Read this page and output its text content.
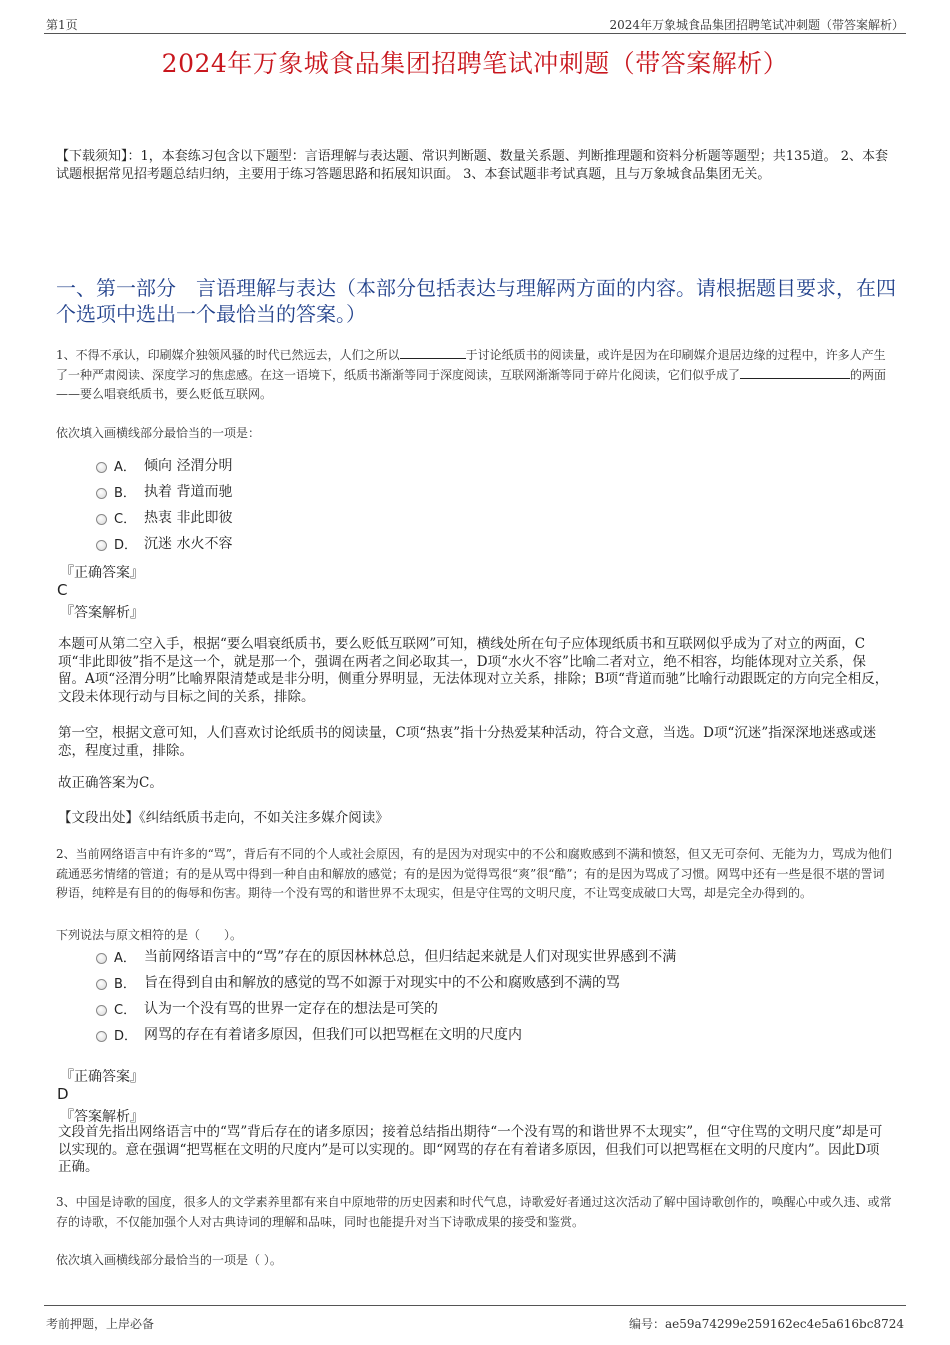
第1页	2024年万象城食品集团招聘笔试冲刺题（带答案解析）
2024年万象城食品集团招聘笔试冲刺题（带答案解析）
【下载须知】：1，本套练习包含以下题型：言语理解与表达题、常识判断题、数量关系题、判断推理题和资料分析题等题型；共135道。 2、本套试题根据常见招考题总结归纳，主要用于练习答题思路和拓展知识面。 3、本套试题非考试真题，且与万象城食品集团无关。
一、第一部分　言语理解与表达（本部分包括表达与理解两方面的内容。请根据题目要求，在四个选项中选出一个最恰当的答案。）
1、不得不承认，印刷媒介独领风骚的时代已然远去，人们之所以	于讨论纸质书的阅读量，或许是因为在印刷媒介退居边缘的过程中，许多人产生了一种严肃阅读、深度学习的焦虑感。在这一语境下，纸质书渐渐等同于深度阅读，互联网渐渐等同于碎片化阅读，它们似乎成了	的两面——要么唱衰纸质书，要么贬低互联网。
依次填入画横线部分最恰当的一项是：
A． 倾向 泾渭分明
B． 执着 背道而驰
C． 热衷 非此即彼
D． 沉迷 水火不容
『正确答案』
C
『答案解析』
本题可从第二空入手，根据“要么唱衰纸质书，要么贬低互联网”可知，横线处所在句子应体现纸质书和互联网似乎成为了对立的两面，C项“非此即彼”指不是这一个，就是那一个，强调在两者之间必取其一，D项“水火不容”比喻二者对立，绝不相容，均能体现对立关系，保留。A项“泾渭分明”比喻界限清楚或是非分明，侧重分界明显，无法体现对立关系，排除；B项“背道而驰”比喻行动跟既定的方向完全相反，文段未体现行动与目标之间的关系，排除。
第一空，根据文意可知，人们喜欢讨论纸质书的阅读量，C项“热衷”指十分热爱某种活动，符合文意，当选。D项“沉迷”指深深地迷惑或迷恋，程度过重，排除。
故正确答案为C。
【文段出处】《纠结纸质书走向，不如关注多媒介阅读》
2、当前网络语言中有许多的“骂”，背后有不同的个人或社会原因，有的是因为对现实中的不公和腐败感到不满和愤怒，但又无可奈何、无能为力，骂成为他们疏通恶劣情绪的管道；有的是从骂中得到一种自由和解放的感觉；有的是因为觉得骂很“爽”很“酷”；有的是因为骂成了习惯。网骂中还有一些是很不堪的詈词秽语，纯粹是有目的的侮辱和伤害。期待一个没有骂的和谐世界不太现实，但是守住骂的文明尺度，不让骂变成破口大骂，却是完全办得到的。
下列说法与原文相符的是（　　）。
A． 当前网络语言中的“骂”存在的原因林林总总，但归结起来就是人们对现实世界感到不满
B． 旨在得到自由和解放的感觉的骂不如源于对现实中的不公和腐败感到不满的骂
C． 认为一个没有骂的世界一定存在的想法是可笑的
D． 网骂的存在有着诸多原因，但我们可以把骂框在文明的尺度内
『正确答案』
D
『答案解析』
文段首先指出网络语言中的“骂”背后存在的诸多原因；接着总结指出期待“一个没有骂的和谐世界不太现实”，但“守住骂的文明尺度”却是可以实现的。意在强调“把骂框在文明的尺度内”是可以实现的。即“网骂的存在有着诸多原因，但我们可以把骂框在文明的尺度内”。因此D项正确。
3、中国是诗歌的国度，很多人的文学素养里都有来自中原地带的历史因素和时代气息，诗歌爱好者通过这次活动了解中国诗歌创作的，唤醒心中或久违、或常存的诗歌，不仅能加强个人对古典诗词的理解和品味，同时也能提升对当下诗歌成果的接受和鉴赏。
依次填入画横线部分最恰当的一项是（ ）。
考前押题，上岸必备	编号：ae59a74299e259162ec4e5a616bc8724
